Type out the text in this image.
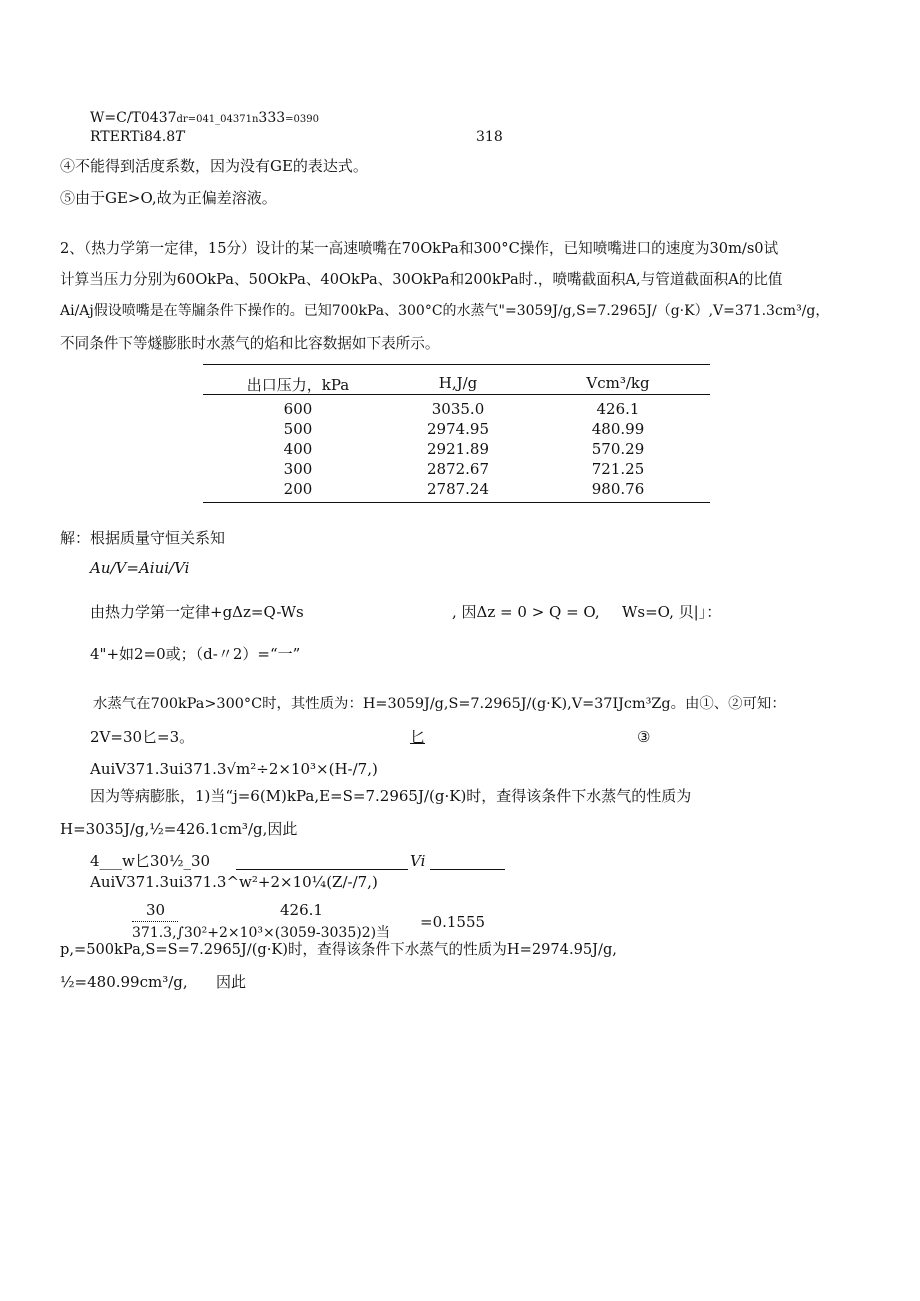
W=C/T0437dr=041_04371n333=0390
RTERTi84.8T	318
④不能得到活度系数，因为没有GE的表达式。
⑤由于GE>O,故为正偏差溶液。
2、（热力学第一定律，15分）设计的某一高速喷嘴在70OkPa和300°C操作，已知喷嘴进口的速度为30m∕s0试
计算当压力分别为60OkPa、50OkPa、40OkPa、30OkPa和200kPa时.，喷嘴截面积A,与管道截面积A的比值
Ai/Aj假设喷嘴是在等牖条件下操作的。已知700kPa、300°C的水蒸气"=3059J∕g,S=7.2965J∕（g·K）,V=371.3cm³∕g，
不同条件下等燧膨胀时水蒸气的焰和比容数据如下表所示。
出口压力，kPa	H,J/g	Vcm³/kg
600	3035.0	426.1
500	2974.95	480.99
400	2921.89	570.29
300	2872.67	721.25
200	2787.24	980.76
解：根据质量守恒关系知
Au/V=Aiui/Vi
由热力学第一定律+gΔz=Q-Ws	, 因Δz = 0 > Q = O, Ws=O, 贝|」：
4"+如2=0或；（d-〃2）=“一”
水蒸气在700kPa>300°C时，其性质为：H=3059J∕g,S=7.2965J∕(g·K),V=37IJcm³Zg。由①、②可知：
2V=30匕=3。	匕	③
AuiV371.3ui371.3√m²÷2×10³×(H-∕7,)
因为等病膨胀，1)当“j=6(M)kPa,E=S=7.2965J∕(g·K)时，查得该条件下水蒸气的性质为
H=3035J∕g,½=426.1cm³∕g,因此
4___w匕30½_30	Vi
AuiV371.3ui371.3^w²+2×10¼(Z/-/7,)
30	426.1
371.3,∫30²+2×10³×(3059-3035)2)当
=0.1555
p,=500kPa,S=S=7.2965J∕(g·K)时，查得该条件下水蒸气的性质为H=2974.95J∕g,
½=480.99cm³/g, 因此
